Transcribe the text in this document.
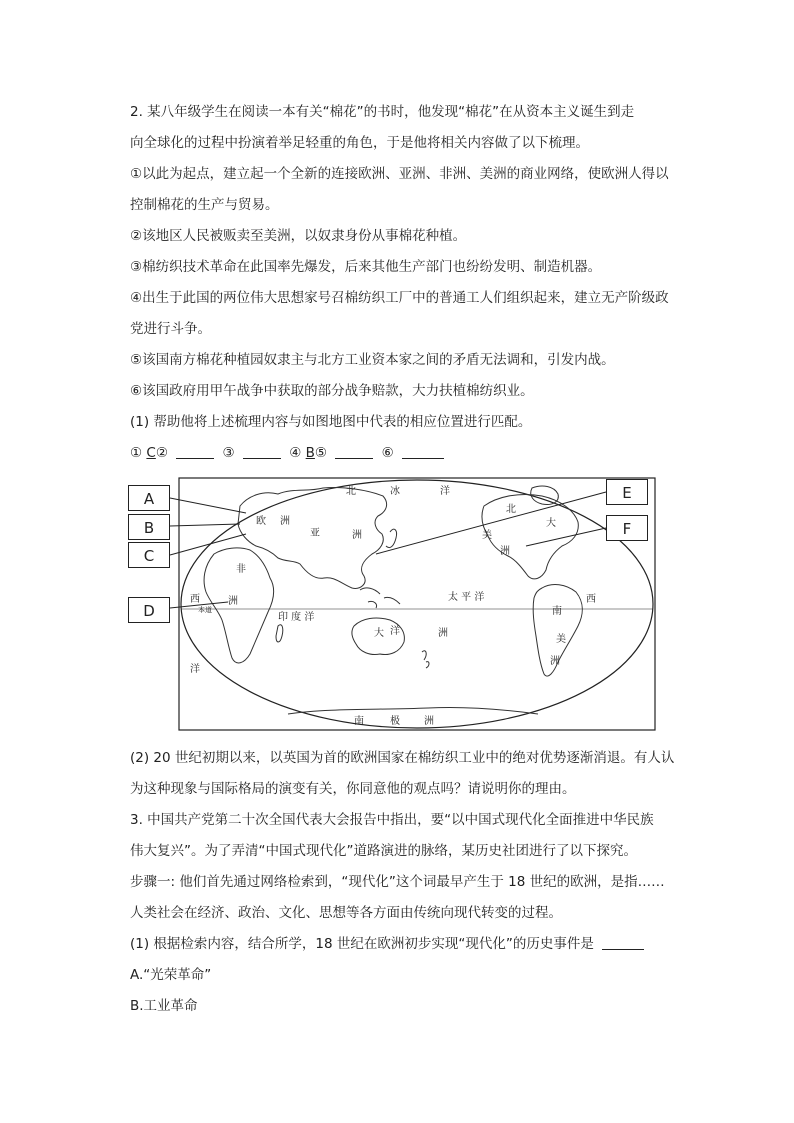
2. 某八年级学生在阅读一本有关“棉花”的书时，他发现“棉花”在从资本主义诞生到走
向全球化的过程中扮演着举足轻重的角色，于是他将相关内容做了以下梳理。
①以此为起点，建立起一个全新的连接欧洲、亚洲、非洲、美洲的商业网络，使欧洲人得以
控制棉花的生产与贸易。
②该地区人民被贩卖至美洲，以奴隶身份从事棉花种植。
③棉纺织技术革命在此国率先爆发，后来其他生产部门也纷纷发明、制造机器。
④出生于此国的两位伟大思想家号召棉纺织工厂中的普通工人们组织起来，建立无产阶级政
党进行斗争。
⑤该国南方棉花种植园奴隶主与北方工业资本家之间的矛盾无法调和，引发内战。
⑥该国政府用甲午战争中获取的部分战争赔款，大力扶植棉纺织业。
(1) 帮助他将上述梳理内容与如图地图中代表的相应位置进行匹配。
① C②	③	④ B⑤	⑥
北	冰	洋
欧 洲
亚	洲
非
洲
本道
西
洋
印 度 洋
太 平 洋
大 洋	洲
北
大
美
洲
南
美
洲
西
南	极 洲
A
B
C
D
E
F
(2) 20 世纪初期以来，以英国为首的欧洲国家在棉纺织工业中的绝对优势逐渐消退。有人认
为这种现象与国际格局的演变有关，你同意他的观点吗？请说明你的理由。
3. 中国共产党第二十次全国代表大会报告中指出，要“以中国式现代化全面推进中华民族
伟大复兴”。为了弄清“中国式现代化”道路演进的脉络，某历史社团进行了以下探究。
步骤一: 他们首先通过网络检索到，“现代化”这个词最早产生于 18 世纪的欧洲，是指……
人类社会在经济、政治、文化、思想等各方面由传统向现代转变的过程。
(1) 根据检索内容，结合所学，18 世纪在欧洲初步实现“现代化”的历史事件是
A.“光荣革命”
B.工业革命
